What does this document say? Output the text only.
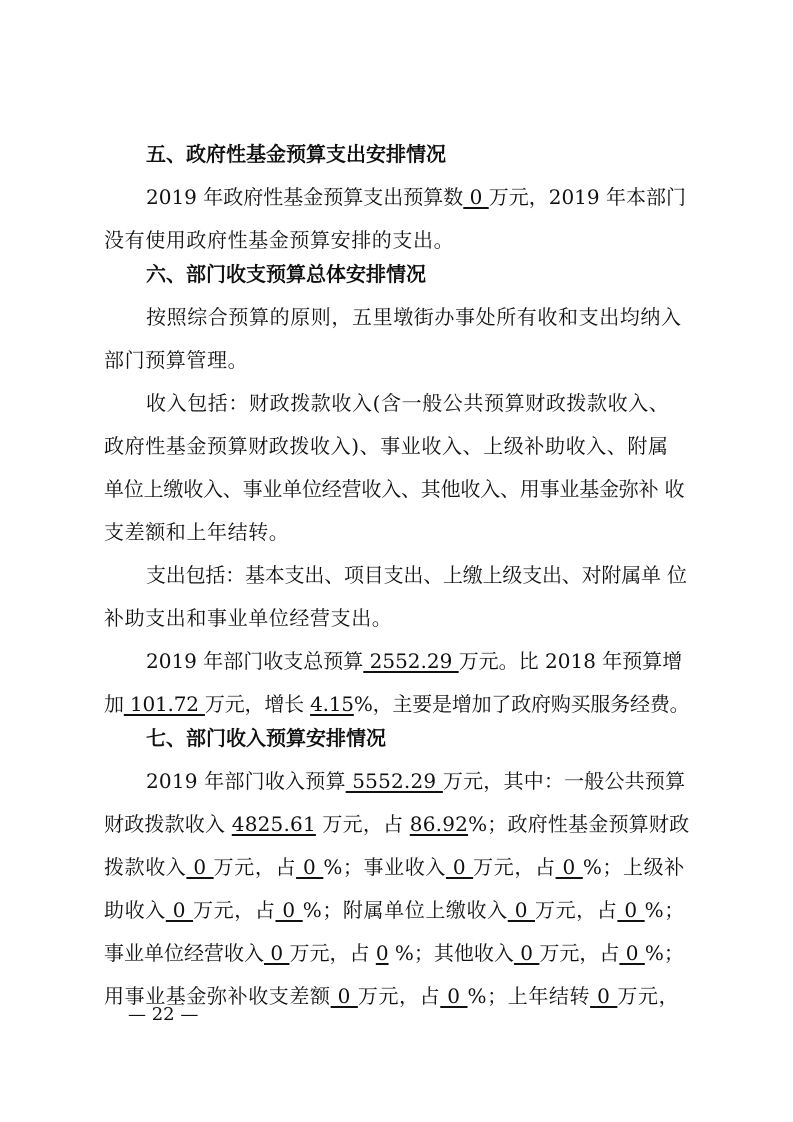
五、政府性基金预算支出安排情况
2019 年政府性基金预算支出预算数 0 万元，2019 年本部门
没有使用政府性基金预算安排的支出。
六、部门收支预算总体安排情况
按照综合预算的原则，五里墩街办事处所有收和支出均纳入
部门预算管理。
收入包括：财政拨款收入(含一般公共预算财政拨款收入、
政府性基金预算财政拨收入)、事业收入、上级补助收入、附属
单位上缴收入、事业单位经营收入、其他收入、用事业基金弥补 收
支差额和上年结转。
支出包括：基本支出、项目支出、上缴上级支出、对附属单 位
补助支出和事业单位经营支出。
2019 年部门收支总预算 2552.29 万元。比 2018 年预算增
加 101.72 万元，增长 4.15%，主要是增加了政府购买服务经费。
七、部门收入预算安排情况
2019 年部门收入预算 5552.29 万元，其中：一般公共预算
财政拨款收入 4825.61 万元，占 86.92%；政府性基金预算财政
拨款收入 0 万元，占 0 %；事业收入 0 万元，占 0 %；上级补
助收入 0 万元，占 0 %；附属单位上缴收入 0 万元，占 0 %；
事业单位经营收入 0 万元，占 0 %；其他收入 0 万元，占 0 %；
用事业基金弥补收支差额 0 万元，占 0 %；上年结转 0 万元，
— 22 —
